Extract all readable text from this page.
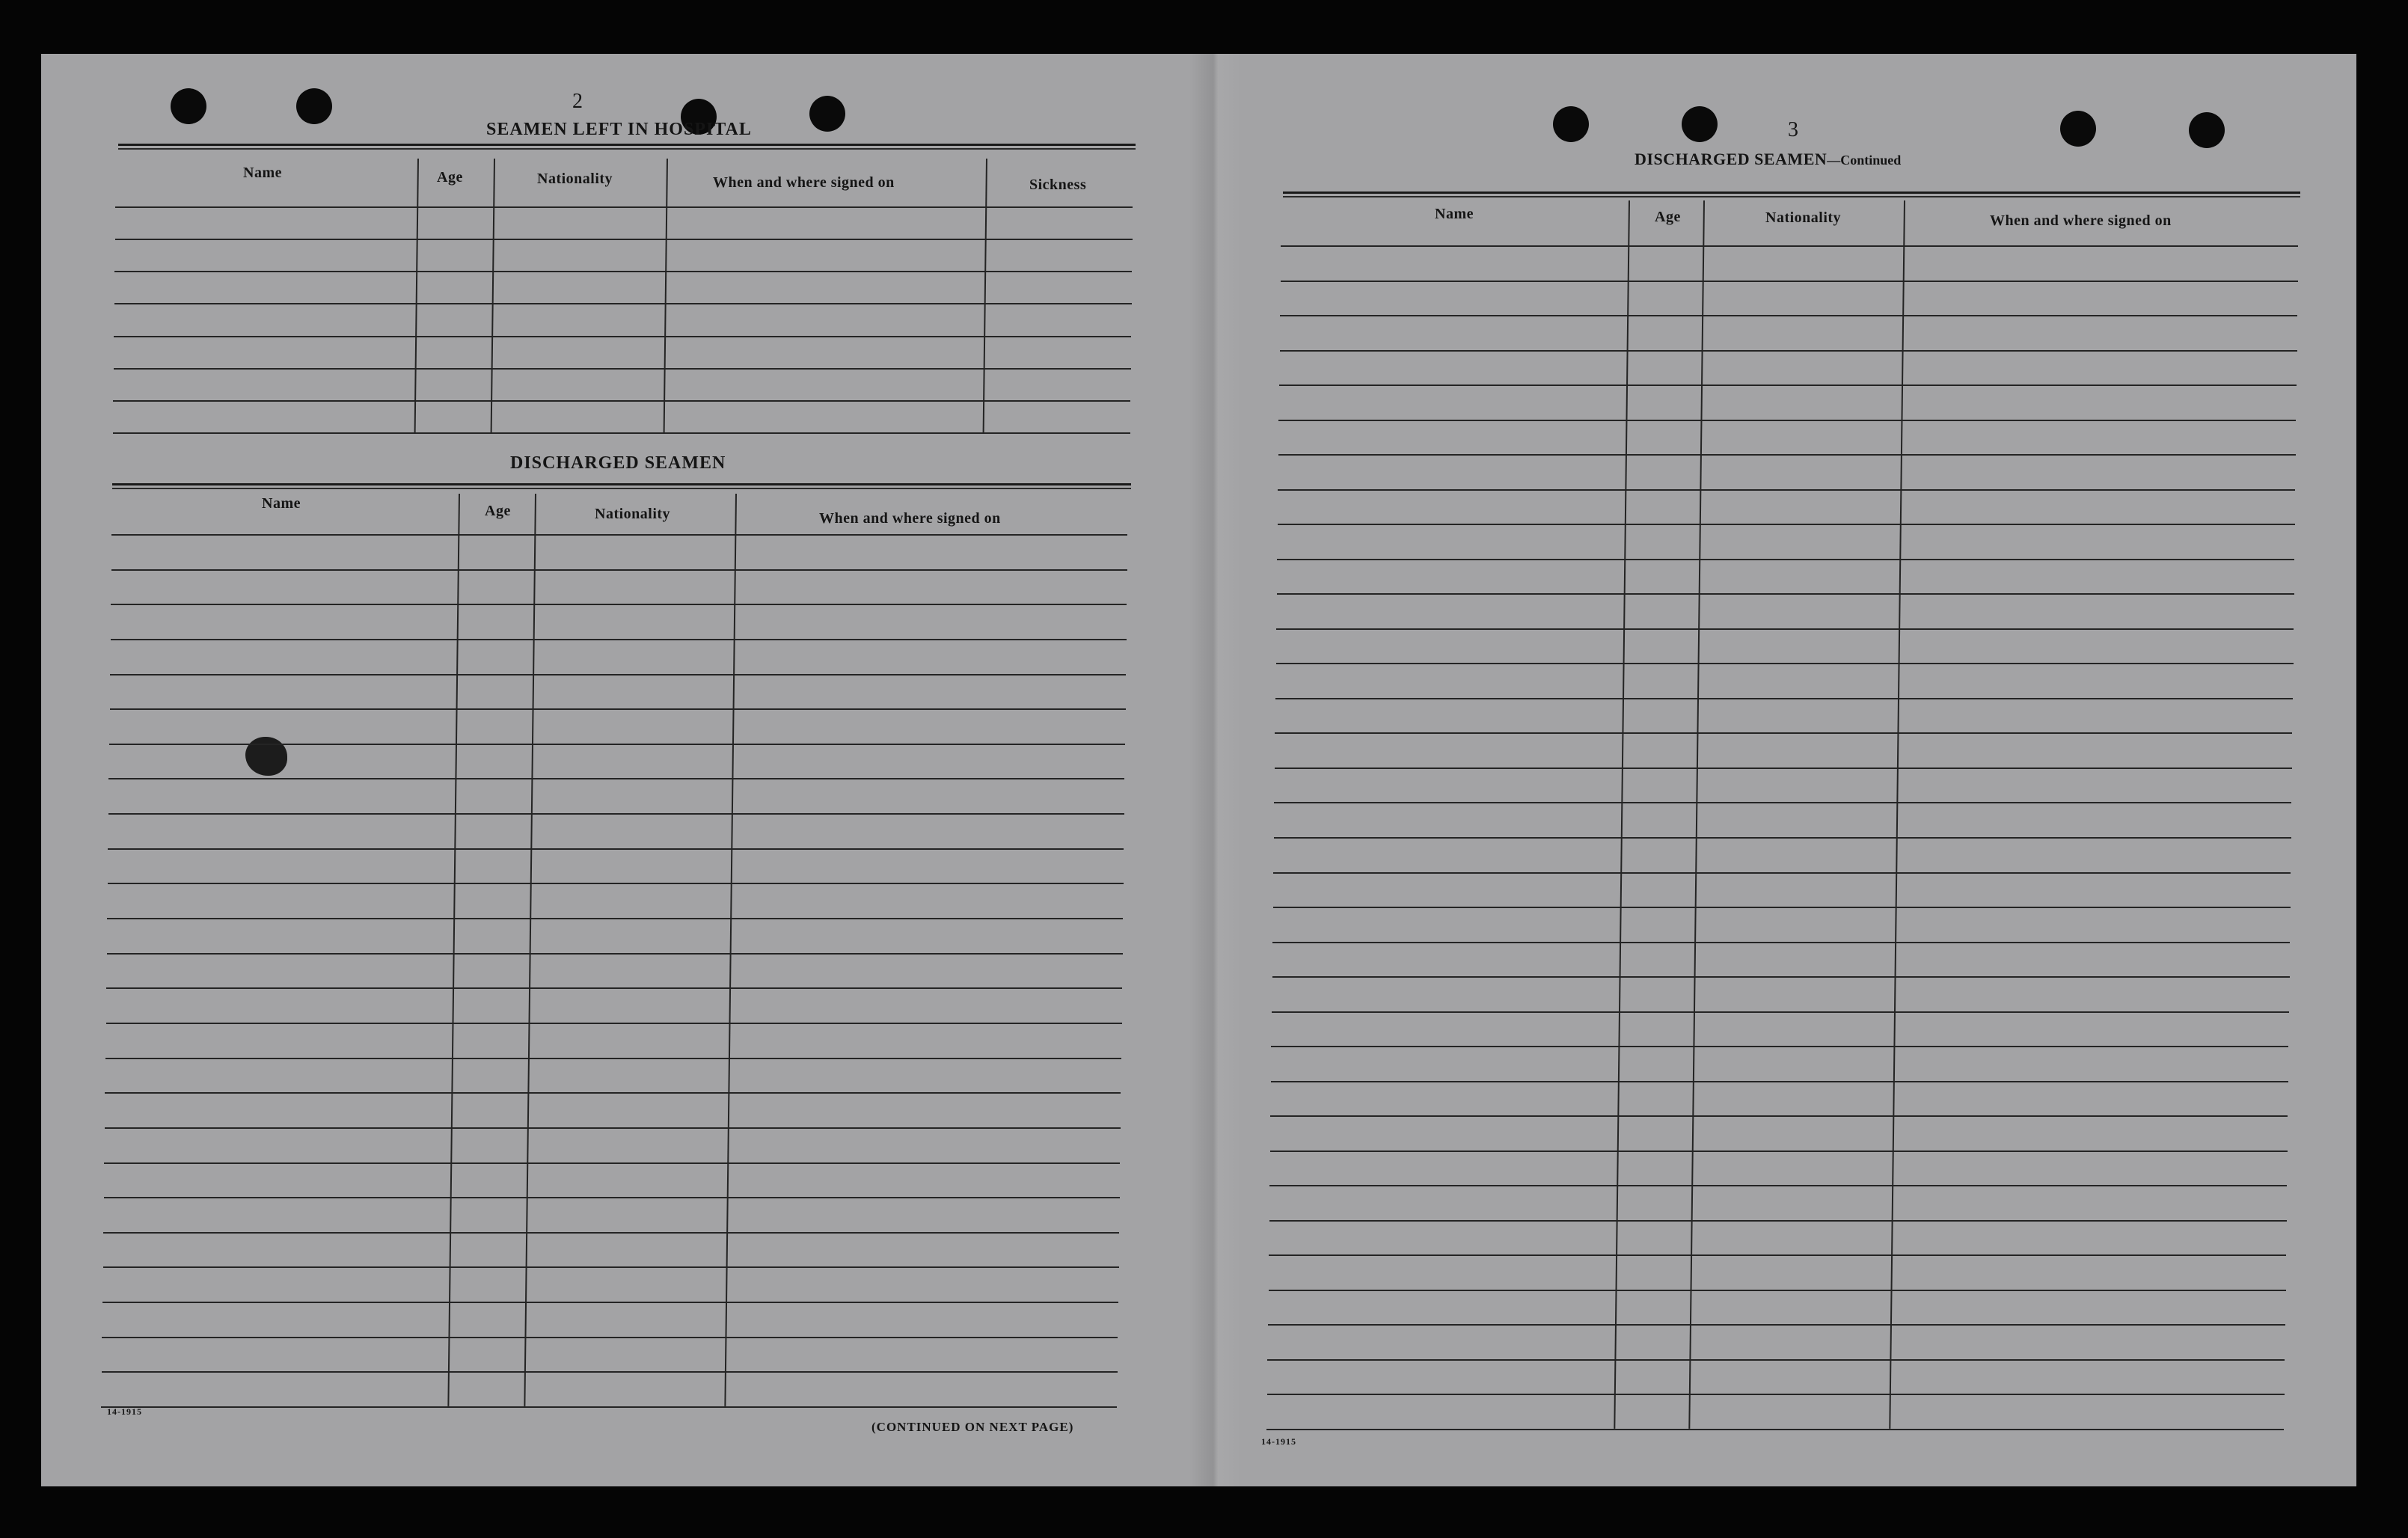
2
SEAMEN LEFT IN HOSPITAL
Name	Age	Nationality	When and where signed on	Sickness
DISCHARGED SEAMEN
Name	Age	Nationality	When and where signed on
14-1915
(CONTINUED ON NEXT PAGE)
3
DISCHARGED SEAMEN—Continued
Name	Age	Nationality	When and where signed on
14-1915
